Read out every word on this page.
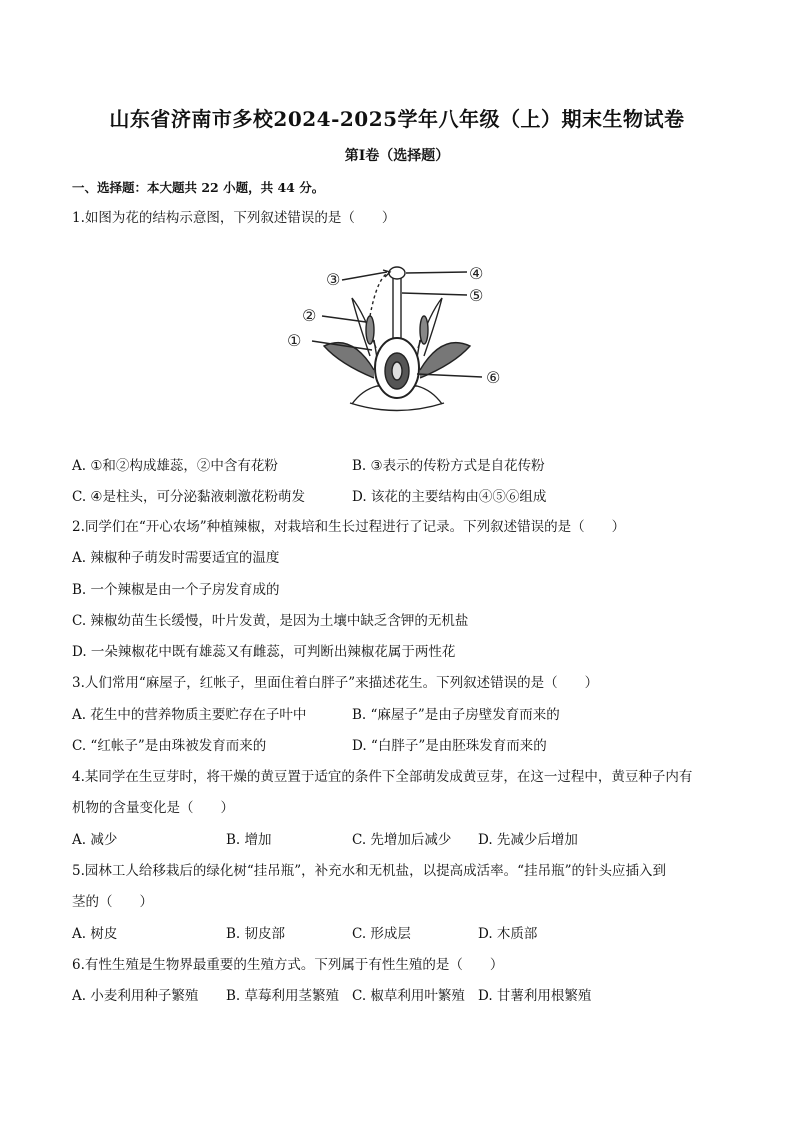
山东省济南市多校2024-2025学年八年级（上）期末生物试卷
第I卷（选择题）
一、选择题：本大题共 22 小题，共 44 分。
1.如图为花的结构示意图，下列叙述错误的是（　　）
③	④
⑤
②
①
⑥
A. ①和②构成雄蕊，②中含有花粉	B. ③表示的传粉方式是自花传粉
C. ④是柱头，可分泌黏液刺激花粉萌发	D. 该花的主要结构由④⑤⑥组成
2.同学们在“开心农场”种植辣椒，对栽培和生长过程进行了记录。下列叙述错误的是（　　）
A. 辣椒种子萌发时需要适宜的温度
B. 一个辣椒是由一个子房发育成的
C. 辣椒幼苗生长缓慢，叶片发黄，是因为土壤中缺乏含钾的无机盐
D. 一朵辣椒花中既有雄蕊又有雌蕊，可判断出辣椒花属于两性花
3.人们常用“麻屋子，红帐子，里面住着白胖子”来描述花生。下列叙述错误的是（　　）
A. 花生中的营养物质主要贮存在子叶中	B. “麻屋子”是由子房壁发育而来的
C. “红帐子”是由珠被发育而来的	D. “白胖子”是由胚珠发育而来的
4.某同学在生豆芽时，将干燥的黄豆置于适宜的条件下全部萌发成黄豆芽，在这一过程中，黄豆种子内有
机物的含量变化是（　　）
A. 减少	B. 增加	C. 先增加后减少 D. 先减少后增加
5.园林工人给移栽后的绿化树“挂吊瓶”，补充水和无机盐，以提高成活率。“挂吊瓶”的针头应插入到
茎的（　　）
A. 树皮	B. 韧皮部	C. 形成层	D. 木质部
6.有性生殖是生物界最重要的生殖方式。下列属于有性生殖的是（　　）
A. 小麦利用种子繁殖 B. 草莓利用茎繁殖 C. 椒草利用叶繁殖 D. 甘薯利用根繁殖
